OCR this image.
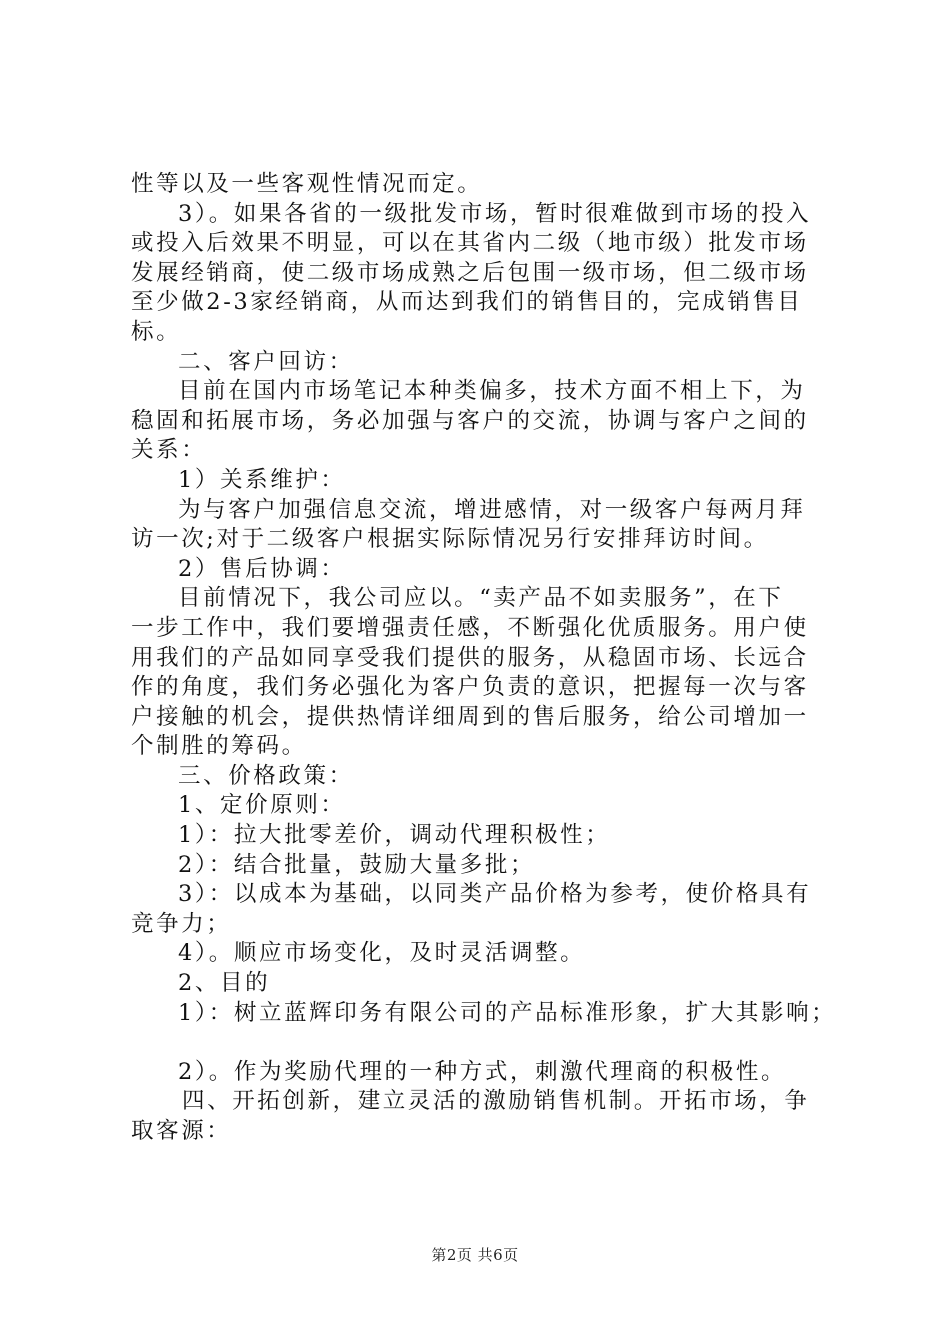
性等以及一些客观性情况而定。

3）。如果各省的一级批发市场，暂时很难做到市场的投入

或投入后效果不明显，可以在其省内二级（地市级）批发市场

发展经销商，使二级市场成熟之后包围一级市场，但二级市场

至少做2-3家经销商，从而达到我们的销售目的，完成销售目

标。

二、客户回访：

目前在国内市场笔记本种类偏多，技术方面不相上下，为

稳固和拓展市场，务必加强与客户的交流，协调与客户之间的

关系：

1）关系维护：

为与客户加强信息交流，增进感情，对一级客户每两月拜

访一次;对于二级客户根据实际际情况另行安排拜访时间。

2）售后协调：

目前情况下，我公司应以。“卖产品不如卖服务”，在下

一步工作中，我们要增强责任感，不断强化优质服务。用户使

用我们的产品如同享受我们提供的服务，从稳固市场、长远合

作的角度，我们务必强化为客户负责的意识，把握每一次与客

户接触的机会，提供热情详细周到的售后服务，给公司增加一

个制胜的筹码。

三、价格政策：

1、定价原则：

1）：拉大批零差价，调动代理积极性；

2）：结合批量，鼓励大量多批；

3）：以成本为基础，以同类产品价格为参考，使价格具有

竞争力；

4）。顺应市场变化，及时灵活调整。

2、目的

1）：树立蓝辉印务有限公司的产品标准形象，扩大其影响；

2）。作为奖励代理的一种方式，刺激代理商的积极性。

四、开拓创新，建立灵活的激励销售机制。开拓市场，争

取客源：

第2页 共6页
